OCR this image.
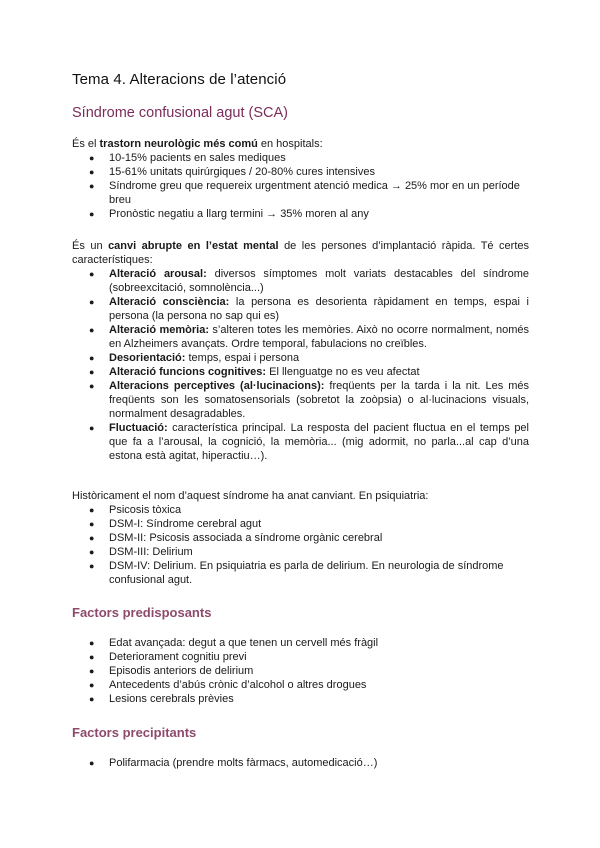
Tema 4. Alteracions de l’atenció
Síndrome confusional agut (SCA)

És el trastorn neurològic més comú en hospitals:

● 10-15% pacients en sales mediques
● 15-61% unitats quirúrgiques / 20-80% cures intensives
● Síndrome greu que requereix urgentment atenció medica → 25% mor en un període breu
● Pronòstic negatiu a llarg termini → 35% moren al any

És un canvi abrupte en l’estat mental de les persones d’implantació ràpida. Té certes característiques:

● Alteració arousal: diversos símptomes molt variats destacables del síndrome (sobreexcitació, somnolència...)
● Alteració consciència: la persona es desorienta ràpidament en temps, espai i persona (la persona no sap qui es)
● Alteració memòria: s’alteren totes les memòries. Això no ocorre normalment, només en Alzheimers avançats. Ordre temporal, fabulacions no creïbles.
● Desorientació: temps, espai i persona
● Alteració funcions cognitives: El llenguatge no es veu afectat
● Alteracions perceptives (al·lucinacions): freqüents per la tarda i la nit. Les més freqüents son les somatosensorials (sobretot la zoòpsia) o al·lucinacions visuals, normalment desagradables.
● Fluctuació: característica principal. La resposta del pacient fluctua en el temps pel que fa a l’arousal, la cognició, la memòria... (mig adormit, no parla...al cap d’una estona està agitat, hiperactiu…).

Històricament el nom d’aquest síndrome ha anat canviant. En psiquiatria:

● Psicosis tòxica
● DSM-I: Síndrome cerebral agut
● DSM-II: Psicosis associada a síndrome orgànic cerebral
● DSM-III: Delirium
● DSM-IV: Delirium. En psiquiatria es parla de delirium. En neurologia de síndrome confusional agut.
Factors predisposants
● Edat avançada: degut a que tenen un cervell més fràgil
● Deteriorament cognitiu previ
● Episodis anteriors de delirium
● Antecedents d’abús crònic d’alcohol o altres drogues
● Lesions cerebrals prèvies
Factors precipitants
● Polifarmacia (prendre molts fàrmacs, automedicació…)
